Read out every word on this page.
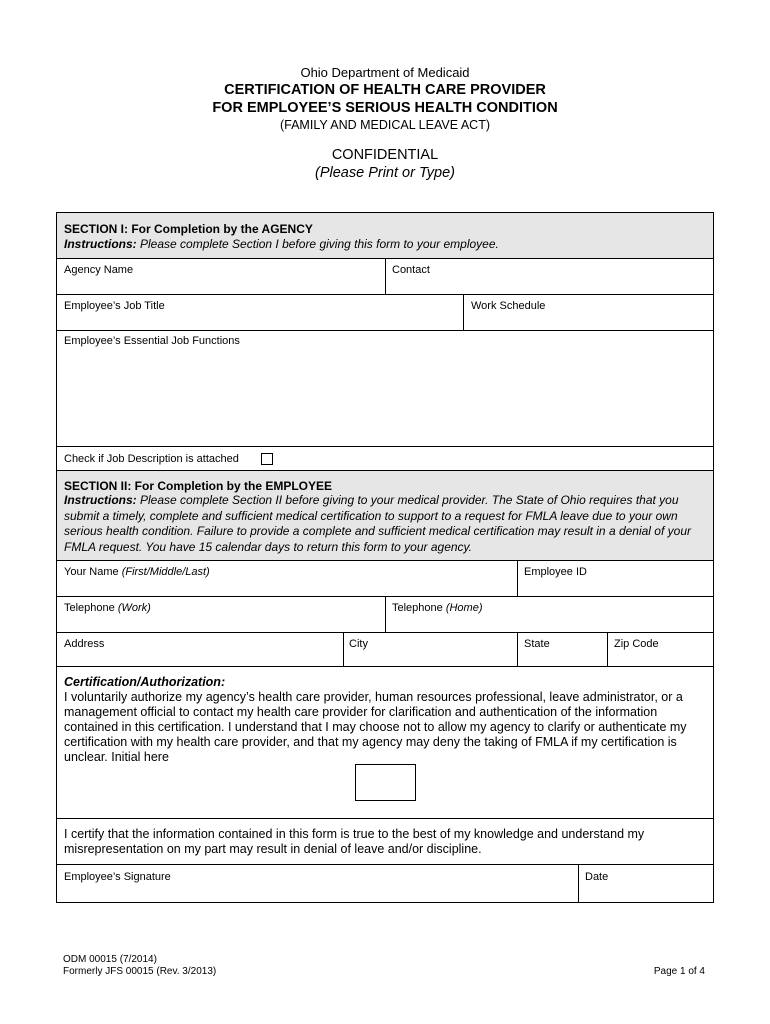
Ohio Department of Medicaid
CERTIFICATION OF HEALTH CARE PROVIDER
FOR EMPLOYEE’S SERIOUS HEALTH CONDITION
(FAMILY AND MEDICAL LEAVE ACT)
CONFIDENTIAL
(Please Print or Type)
SECTION I: For Completion by the AGENCY
Instructions: Please complete Section I before giving this form to your employee.
Agency Name	Contact
Employee’s Job Title	Work Schedule
Employee’s Essential Job Functions
Check if Job Description is attached
SECTION II: For Completion by the EMPLOYEE
Instructions: Please complete Section II before giving to your medical provider. The State of Ohio requires that you submit a timely, complete and sufficient medical certification to support to a request for FMLA leave due to your own serious health condition. Failure to provide a complete and sufficient medical certification may result in a denial of your FMLA request. You have 15 calendar days to return this form to your agency.
Your Name (First/Middle/Last)	Employee ID
Telephone (Work)	Telephone (Home)
Address	City	State	Zip Code
Certification/Authorization:
I voluntarily authorize my agency’s health care provider, human resources professional, leave administrator, or a management official to contact my health care provider for clarification and authentication of the information contained in this certification. I understand that I may choose not to allow my agency to clarify or authenticate my certification with my health care provider, and that my agency may deny the taking of FMLA if my certification is unclear. Initial here
I certify that the information contained in this form is true to the best of my knowledge and understand my misrepresentation on my part may result in denial of leave and/or discipline.
Employee’s Signature	Date
ODM 00015 (7/2014)
Formerly JFS 00015 (Rev. 3/2013)	Page 1 of 4
